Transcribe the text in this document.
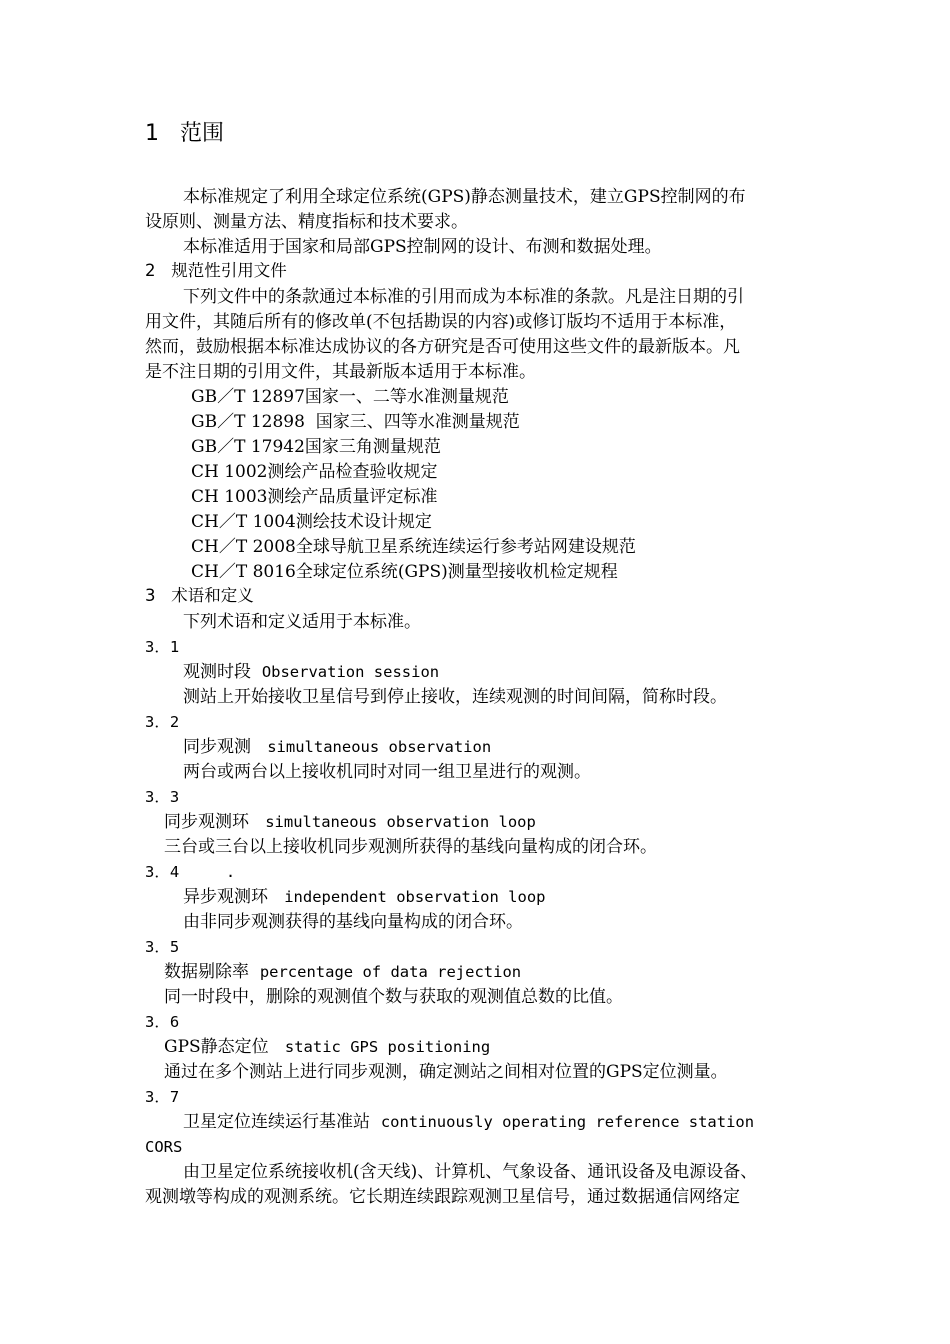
1 范围
本标准规定了利用全球定位系统(GPS)静态测量技术，建立GPS控制网的布
设原则、测量方法、精度指标和技术要求。
本标准适用于国家和局部GPS控制网的设计、布测和数据处理。
2 规范性引用文件
下列文件中的条款通过本标准的引用而成为本标准的条款。凡是注日期的引
用文件，其随后所有的修改单(不包括勘误的内容)或修订版均不适用于本标准，
然而，鼓励根据本标准达成协议的各方研究是否可使用这些文件的最新版本。凡
是不注日期的引用文件，其最新版本适用于本标准。
GB／T 12897国家一、二等水准测量规范
GB／T 12898  国家三、四等水准测量规范
GB／T 17942国家三角测量规范
CH 1002测绘产品检查验收规定
CH 1003测绘产品质量评定标准
CH／T 1004测绘技术设计规定
CH／T 2008全球导航卫星系统连续运行参考站网建设规范
CH／T 8016全球定位系统(GPS)测量型接收机检定规程
3 术语和定义
下列术语和定义适用于本标准。
3．1
观测时段 Observation session
测站上开始接收卫星信号到停止接收，连续观测的时间间隔，简称时段。
3．2
同步观测 simultaneous observation
两台或两台以上接收机同时对同一组卫星进行的观测。
3．3
同步观测环 simultaneous observation loop
三台或三台以上接收机同步观测所获得的基线向量构成的闭合环。
3．4     .
异步观测环 independent observation loop
由非同步观测获得的基线向量构成的闭合环。
3．5
数据剔除率 percentage of data rejection
同一时段中，删除的观测值个数与获取的观测值总数的比值。
3．6
GPS静态定位 static GPS positioning
通过在多个测站上进行同步观测，确定测站之间相对位置的GPS定位测量。
3．7
卫星定位连续运行基准站 continuously operating reference station
CORS
由卫星定位系统接收机(含天线)、计算机、气象设备、通讯设备及电源设备、
观测墩等构成的观测系统。它长期连续跟踪观测卫星信号，通过数据通信网络定
